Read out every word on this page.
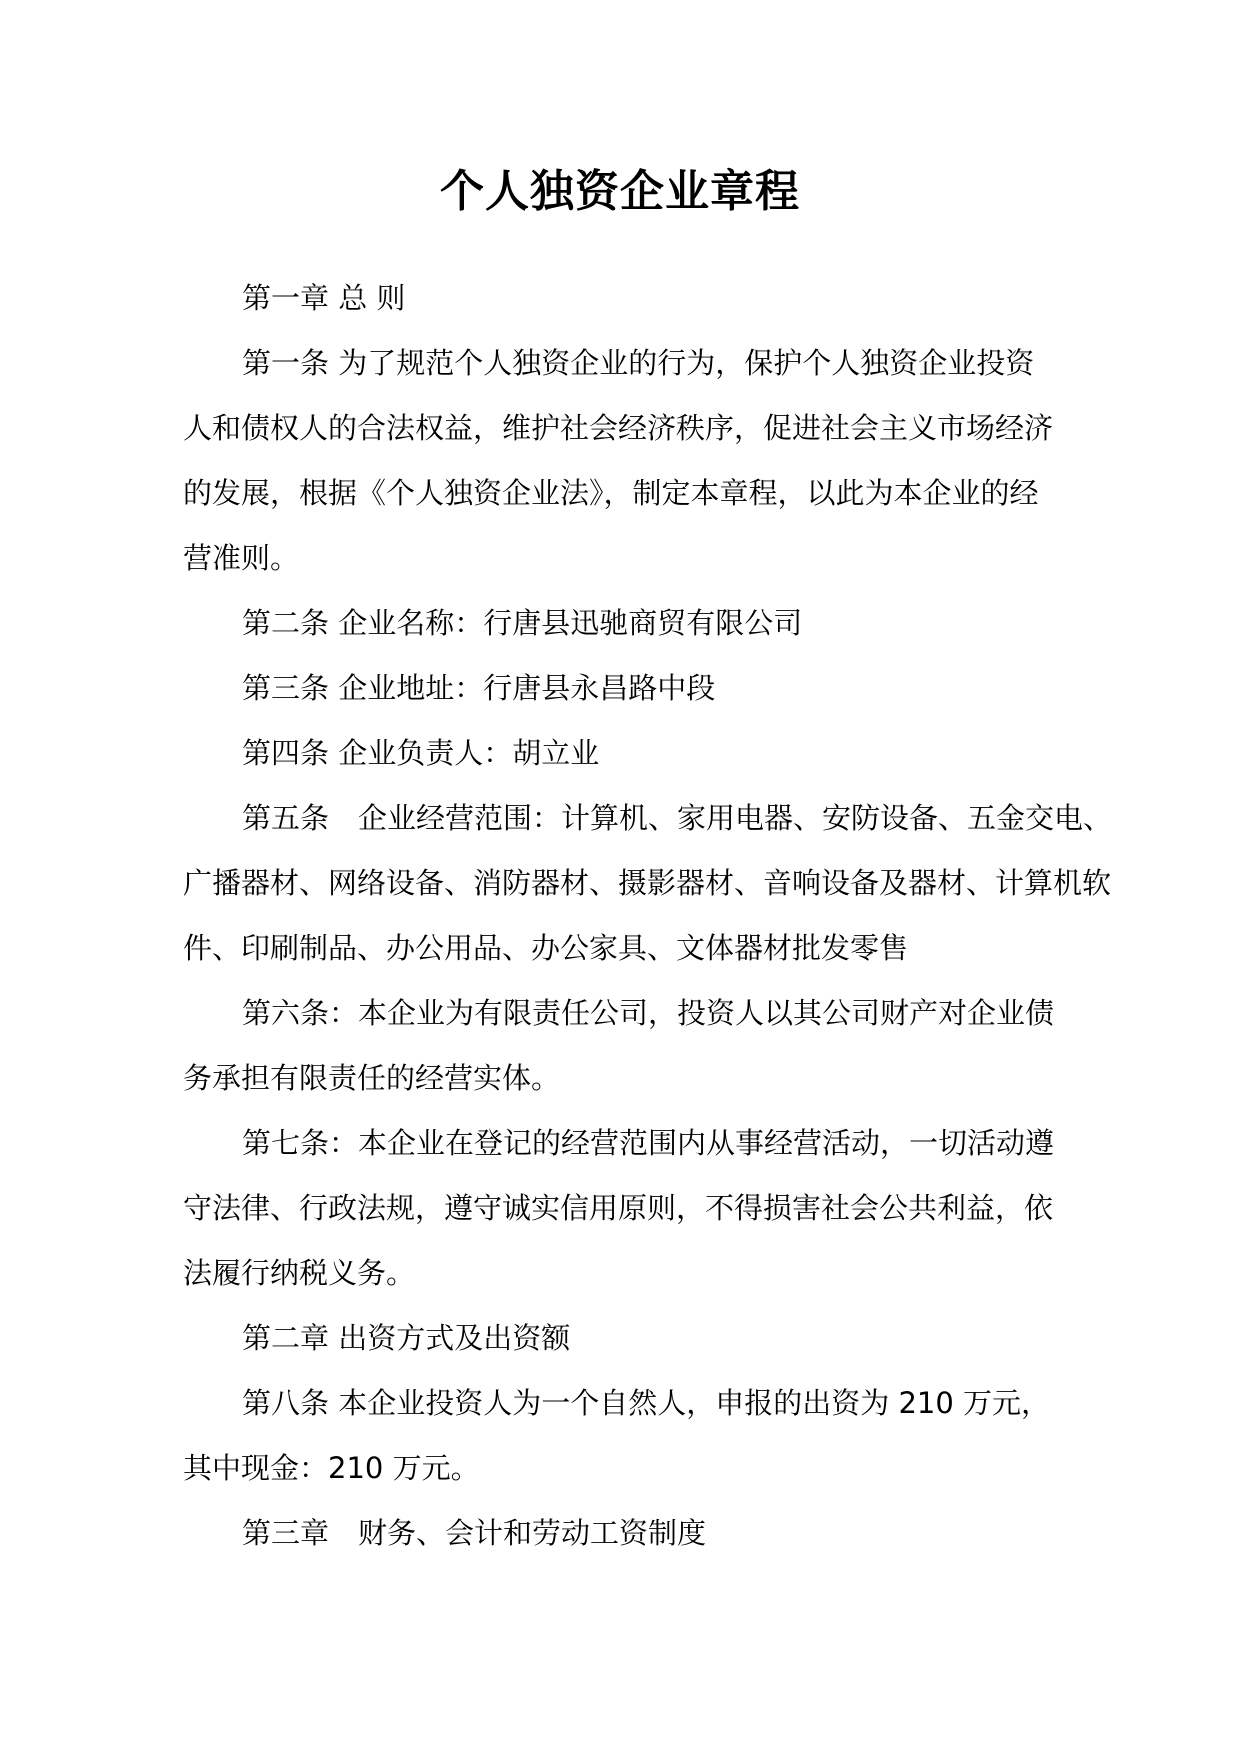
个人独资企业章程

第一章 总 则

第一条 为了规范个人独资企业的行为，保护个人独资企业投资

人和债权人的合法权益，维护社会经济秩序，促进社会主义市场经济

的发展，根据《个人独资企业法》，制定本章程，以此为本企业的经

营准则。

第二条 企业名称：行唐县迅驰商贸有限公司

第三条 企业地址：行唐县永昌路中段

第四条 企业负责人：胡立业

第五条　企业经营范围：计算机、家用电器、安防设备、五金交电、

广播器材、网络设备、消防器材、摄影器材、音响设备及器材、计算机软

件、印刷制品、办公用品、办公家具、文体器材批发零售

第六条：本企业为有限责任公司，投资人以其公司财产对企业债

务承担有限责任的经营实体。

第七条：本企业在登记的经营范围内从事经营活动，一切活动遵

守法律、行政法规，遵守诚实信用原则，不得损害社会公共利益，依

法履行纳税义务。

第二章 出资方式及出资额

第八条 本企业投资人为一个自然人，申报的出资为 210 万元，

其中现金：210 万元。

第三章　财务、会计和劳动工资制度
